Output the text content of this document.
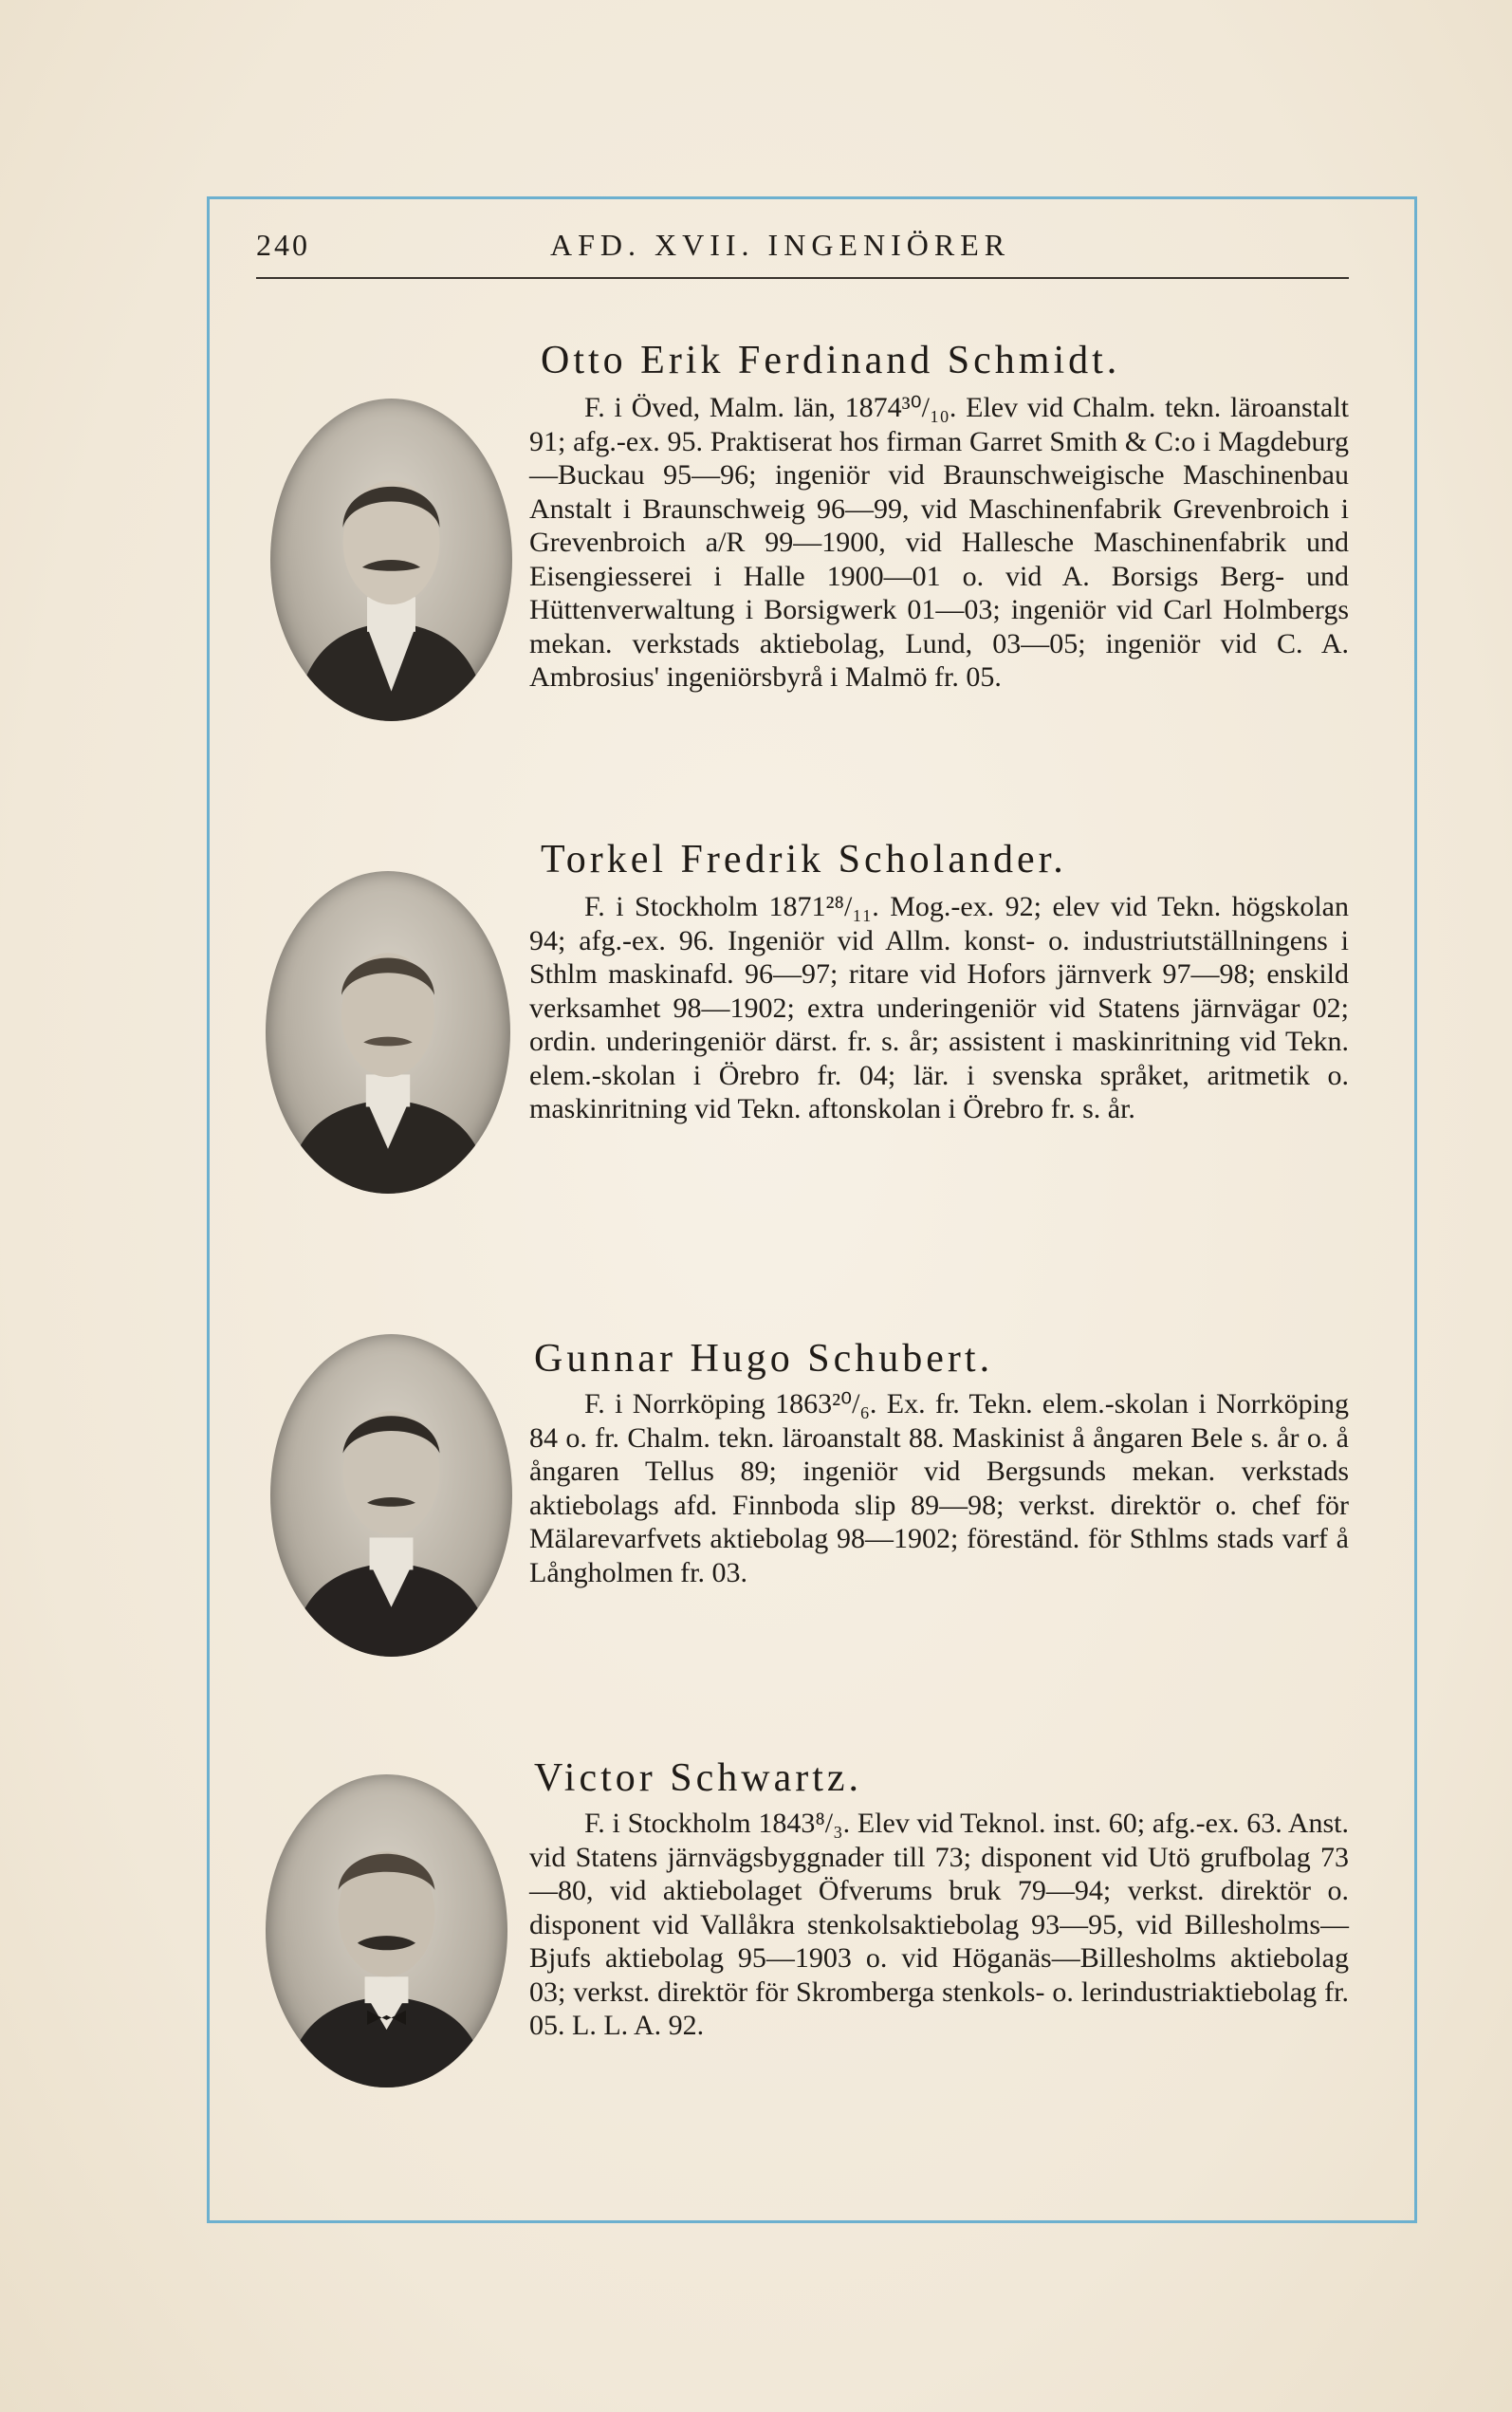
240	AFD. XVII. INGENIÖRER
Otto Erik Ferdinand Schmidt.
F. i Öved, Malm. län, 1874³⁰/₁₀. Elev vid Chalm. tekn. läroanstalt 91; afg.-ex. 95. Praktiserat hos firman Garret Smith & C:o i Magdeburg—Buckau 95—96; ingeniör vid Braunschweigische Maschinenbau Anstalt i Braunschweig 96—99, vid Maschinenfabrik Grevenbroich i Grevenbroich a/R 99—1900, vid Hallesche Maschinenfabrik und Eisengiesserei i Halle 1900—01 o. vid A. Borsigs Berg- und Hüttenverwaltung i Borsigwerk 01—03; ingeniör vid Carl Holmbergs mekan. verkstads aktiebolag, Lund, 03—05; ingeniör vid C. A. Ambrosius' ingeniörsbyrå i Malmö fr. 05.
Torkel Fredrik Scholander.
F. i Stockholm 1871²⁸/₁₁. Mog.-ex. 92; elev vid Tekn. högskolan 94; afg.-ex. 96. Ingeniör vid Allm. konst- o. industriutställningens i Sthlm maskinafd. 96—97; ritare vid Hofors järnverk 97—98; enskild verksamhet 98—1902; extra underingeniör vid Statens järnvägar 02; ordin. underingeniör därst. fr. s. år; assistent i maskinritning vid Tekn. elem.-skolan i Örebro fr. 04; lär. i svenska språket, aritmetik o. maskinritning vid Tekn. aftonskolan i Örebro fr. s. år.
Gunnar Hugo Schubert.
F. i Norrköping 1863²⁰/₆. Ex. fr. Tekn. elem.-skolan i Norrköping 84 o. fr. Chalm. tekn. läroanstalt 88. Maskinist å ångaren Bele s. år o. å ångaren Tellus 89; ingeniör vid Bergsunds mekan. verkstads aktiebolags afd. Finnboda slip 89—98; verkst. direktör o. chef för Mälarevarfvets aktiebolag 98—1902; föreständ. för Sthlms stads varf å Långholmen fr. 03.
Victor Schwartz.
F. i Stockholm 1843⁸/₃. Elev vid Teknol. inst. 60; afg.-ex. 63. Anst. vid Statens järnvägsbyggnader till 73; disponent vid Utö grufbolag 73—80, vid aktiebolaget Öfverums bruk 79—94; verkst. direktör o. disponent vid Vallåkra stenkolsaktiebolag 93—95, vid Billesholms—Bjufs aktiebolag 95—1903 o. vid Höganäs—Billesholms aktiebolag 03; verkst. direktör för Skromberga stenkols- o. lerindustriaktiebolag fr. 05. L. L. A. 92.
